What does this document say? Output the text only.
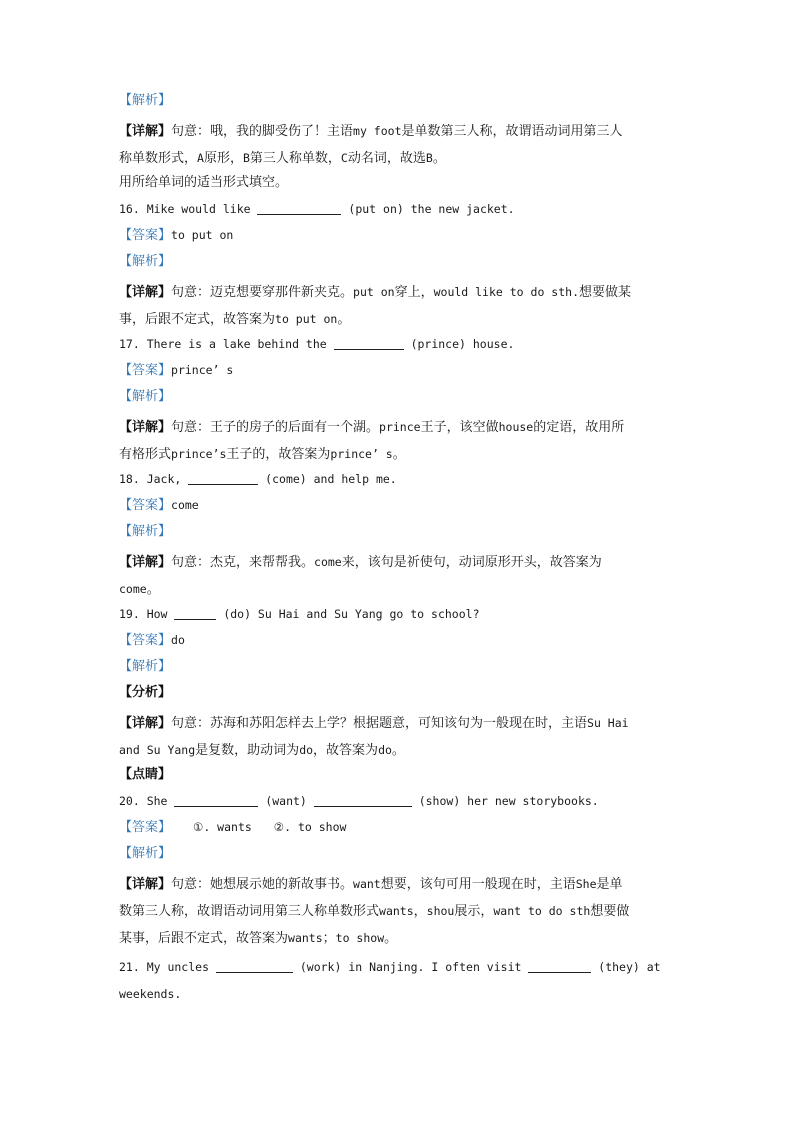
【解析】
【详解】句意：哦，我的脚受伤了！主语my foot是单数第三人称，故谓语动词用第三人
称单数形式，A原形，B第三人称单数，C动名词，故选B。
用所给单词的适当形式填空。
16. Mike would like	(put on) the new jacket.
【答案】to put on
【解析】
【详解】句意：迈克想要穿那件新夹克。put on穿上，would like to do sth.想要做某
事，后跟不定式，故答案为to put on。
17. There is a lake behind the	(prince) house.
【答案】prince’ s
【解析】
【详解】句意：王子的房子的后面有一个湖。prince王子，该空做house的定语，故用所
有格形式prince’s王子的，故答案为prince’ s。
18. Jack,	(come) and help me.
【答案】come
【解析】
【详解】句意：杰克，来帮帮我。come来，该句是祈使句，动词原形开头，故答案为
come。
19. How	(do) Su Hai and Su Yang go to school?
【答案】do
【解析】
【分析】
【详解】句意：苏海和苏阳怎样去上学？根据题意，可知该句为一般现在时，主语Su Hai
and Su Yang是复数，助动词为do，故答案为do。
【点睛】
20. She	(want)	(show) her new storybooks.
【答案】 ①. wants ②. to show
【解析】
【详解】句意：她想展示她的新故事书。want想要，该句可用一般现在时，主语She是单
数第三人称，故谓语动词用第三人称单数形式wants，shou展示，want to do sth想要做
某事，后跟不定式，故答案为wants；to show。
21. My uncles	(work) in Nanjing. I often visit	(they) at
weekends.
